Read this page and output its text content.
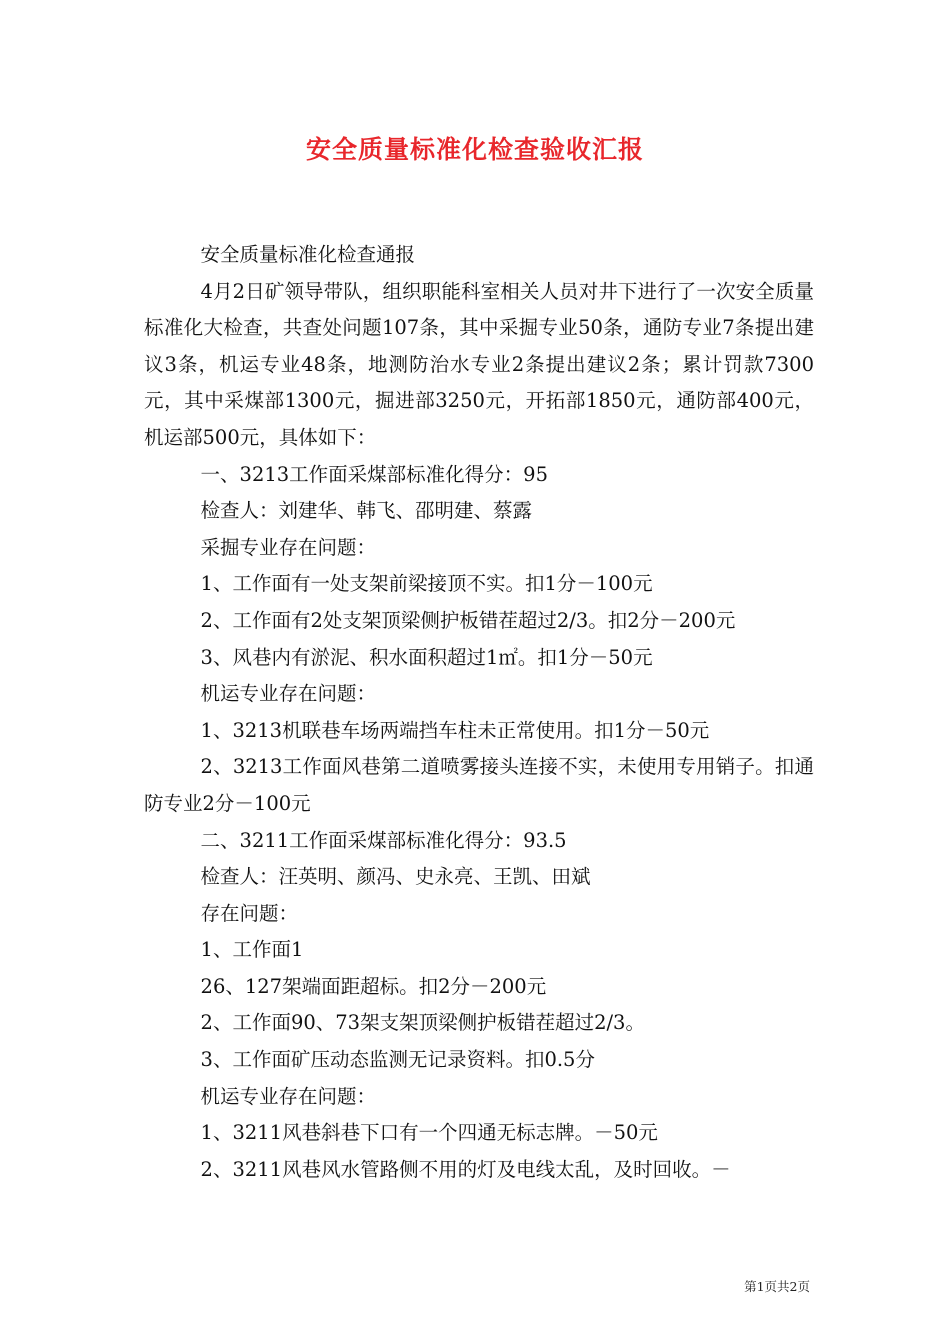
安全质量标准化检查验收汇报

安全质量标准化检查通报

4月2日矿领导带队，组织职能科室相关人员对井下进行了一次安全质量标准化大检查，共查处问题107条，其中采掘专业50条，通防专业7条提出建议3条，机运专业48条，地测防治水专业2条提出建议2条；累计罚款7300元，其中采煤部1300元，掘进部3250元，开拓部1850元，通防部400元，机运部500元，具体如下：

一、3213工作面采煤部标准化得分：95

检查人：刘建华、韩飞、邵明建、蔡露

采掘专业存在问题：

1、工作面有一处支架前梁接顶不实。扣1分－100元

2、工作面有2处支架顶梁侧护板错茬超过2/3。扣2分－200元

3、风巷内有淤泥、积水面积超过1㎡。扣1分－50元

机运专业存在问题：

1、3213机联巷车场两端挡车柱未正常使用。扣1分－50元

2、3213工作面风巷第二道喷雾接头连接不实，未使用专用销子。扣通防专业2分－100元

二、3211工作面采煤部标准化得分：93.5

检查人：汪英明、颜冯、史永亮、王凯、田斌

存在问题：

1、工作面1

26、127架端面距超标。扣2分－200元

2、工作面90、73架支架顶梁侧护板错茬超过2/3。

3、工作面矿压动态监测无记录资料。扣0.5分

机运专业存在问题：

1、3211风巷斜巷下口有一个四通无标志牌。－50元

2、3211风巷风水管路侧不用的灯及电线太乱，及时回收。－

第1页共2页
